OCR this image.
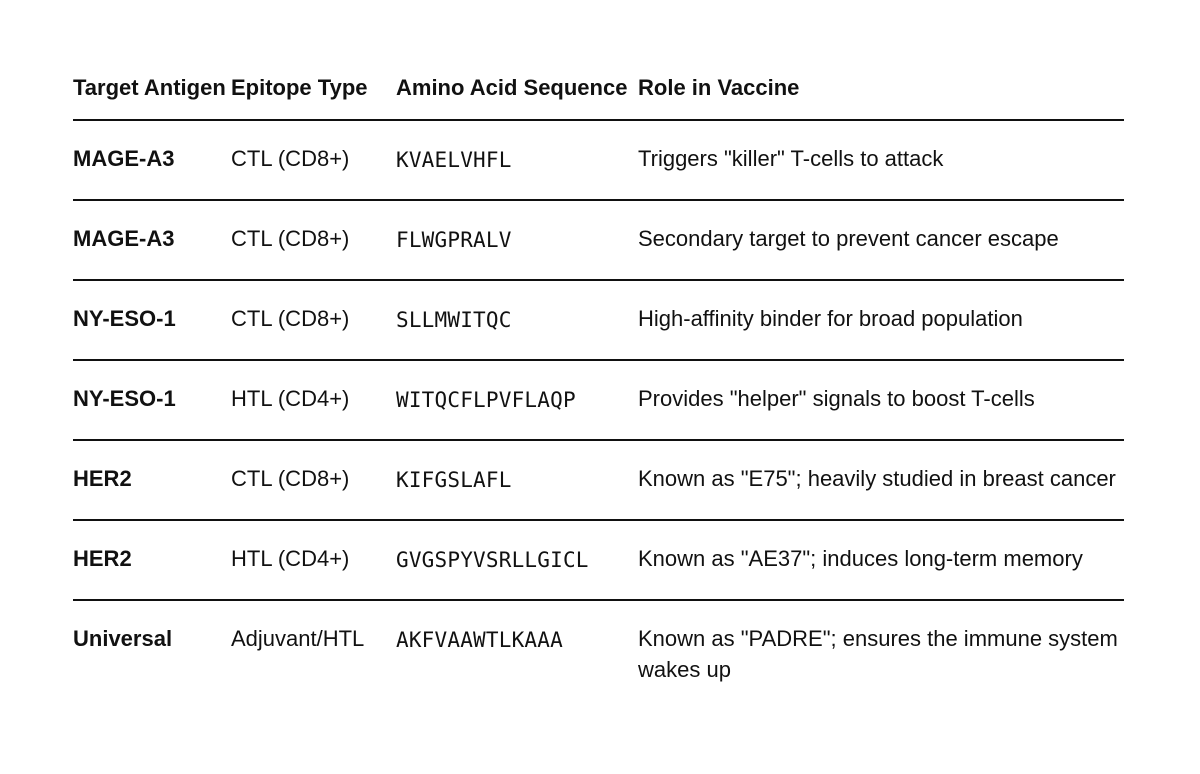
Target Antigen	Epitope Type	Amino Acid Sequence	Role in Vaccine
MAGE-A3	CTL (CD8+)	KVAELVHFL	Triggers "killer" T-cells to attack
MAGE-A3	CTL (CD8+)	FLWGPRALV	Secondary target to prevent cancer escape
NY-ESO-1	CTL (CD8+)	SLLMWITQC	High-affinity binder for broad population
NY-ESO-1	HTL (CD4+)	WITQCFLPVFLAQP	Provides "helper" signals to boost T-cells
HER2	CTL (CD8+)	KIFGSLAFL	Known as "E75"; heavily studied in breast cancer
HER2	HTL (CD4+)	GVGSPYVSRLLGICL	Known as "AE37"; induces long-term memory
Universal	Adjuvant/HTL	AKFVAAWTLKAAA	Known as "PADRE"; ensures the immune system wakes up
